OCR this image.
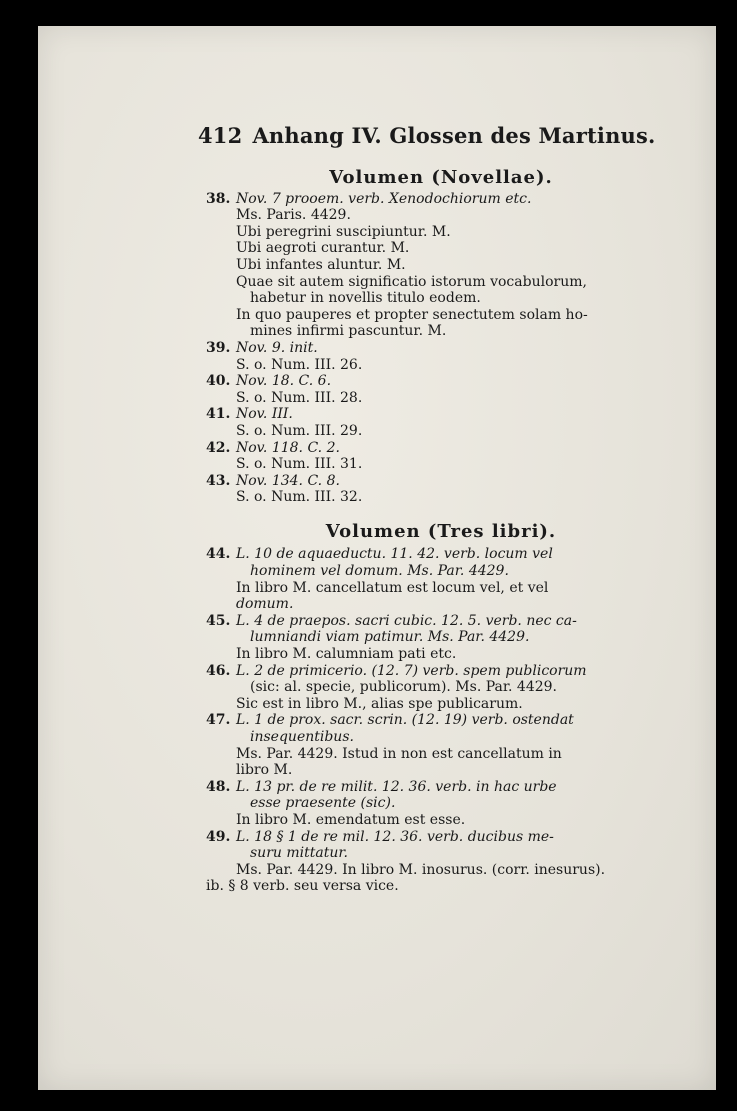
412 Anhang IV. Glossen des Martinus.
Volumen (Novellae).
38. Nov. 7 prooem. verb. Xenodochiorum etc.
Ms. Paris. 4429.
Ubi peregrini suscipiuntur. M.
Ubi aegroti curantur. M.
Ubi infantes aluntur. M.
Quae sit autem significatio istorum vocabulorum,
habetur in novellis titulo eodem.
In quo pauperes et propter senectutem solam ho-
mines infirmi pascuntur. M.
39. Nov. 9. init.
S. o. Num. III. 26.
40. Nov. 18. C. 6.
S. o. Num. III. 28.
41. Nov. III.
S. o. Num. III. 29.
42. Nov. 118. C. 2.
S. o. Num. III. 31.
43. Nov. 134. C. 8.
S. o. Num. III. 32.
Volumen (Tres libri).
44. L. 10 de aquaeductu. 11. 42. verb. locum vel
hominem vel domum. Ms. Par. 4429.
In libro M. cancellatum est locum vel, et vel
domum.
45. L. 4 de praepos. sacri cubic. 12. 5. verb. nec ca-
lumniandi viam patimur. Ms. Par. 4429.
In libro M. calumniam pati etc.
46. L. 2 de primicerio. (12. 7) verb. spem publicorum
(sic: al. specie, publicorum). Ms. Par. 4429.
Sic est in libro M., alias spe publicarum.
47. L. 1 de prox. sacr. scrin. (12. 19) verb. ostendat
insequentibus.
Ms. Par. 4429. Istud in non est cancellatum in
libro M.
48. L. 13 pr. de re milit. 12. 36. verb. in hac urbe
esse praesente (sic).
In libro M. emendatum est esse.
49. L. 18 § 1 de re mil. 12. 36. verb. ducibus me-
suru mittatur.
Ms. Par. 4429. In libro M. inosurus. (corr. inesurus).
ib. § 8 verb. seu versa vice.
